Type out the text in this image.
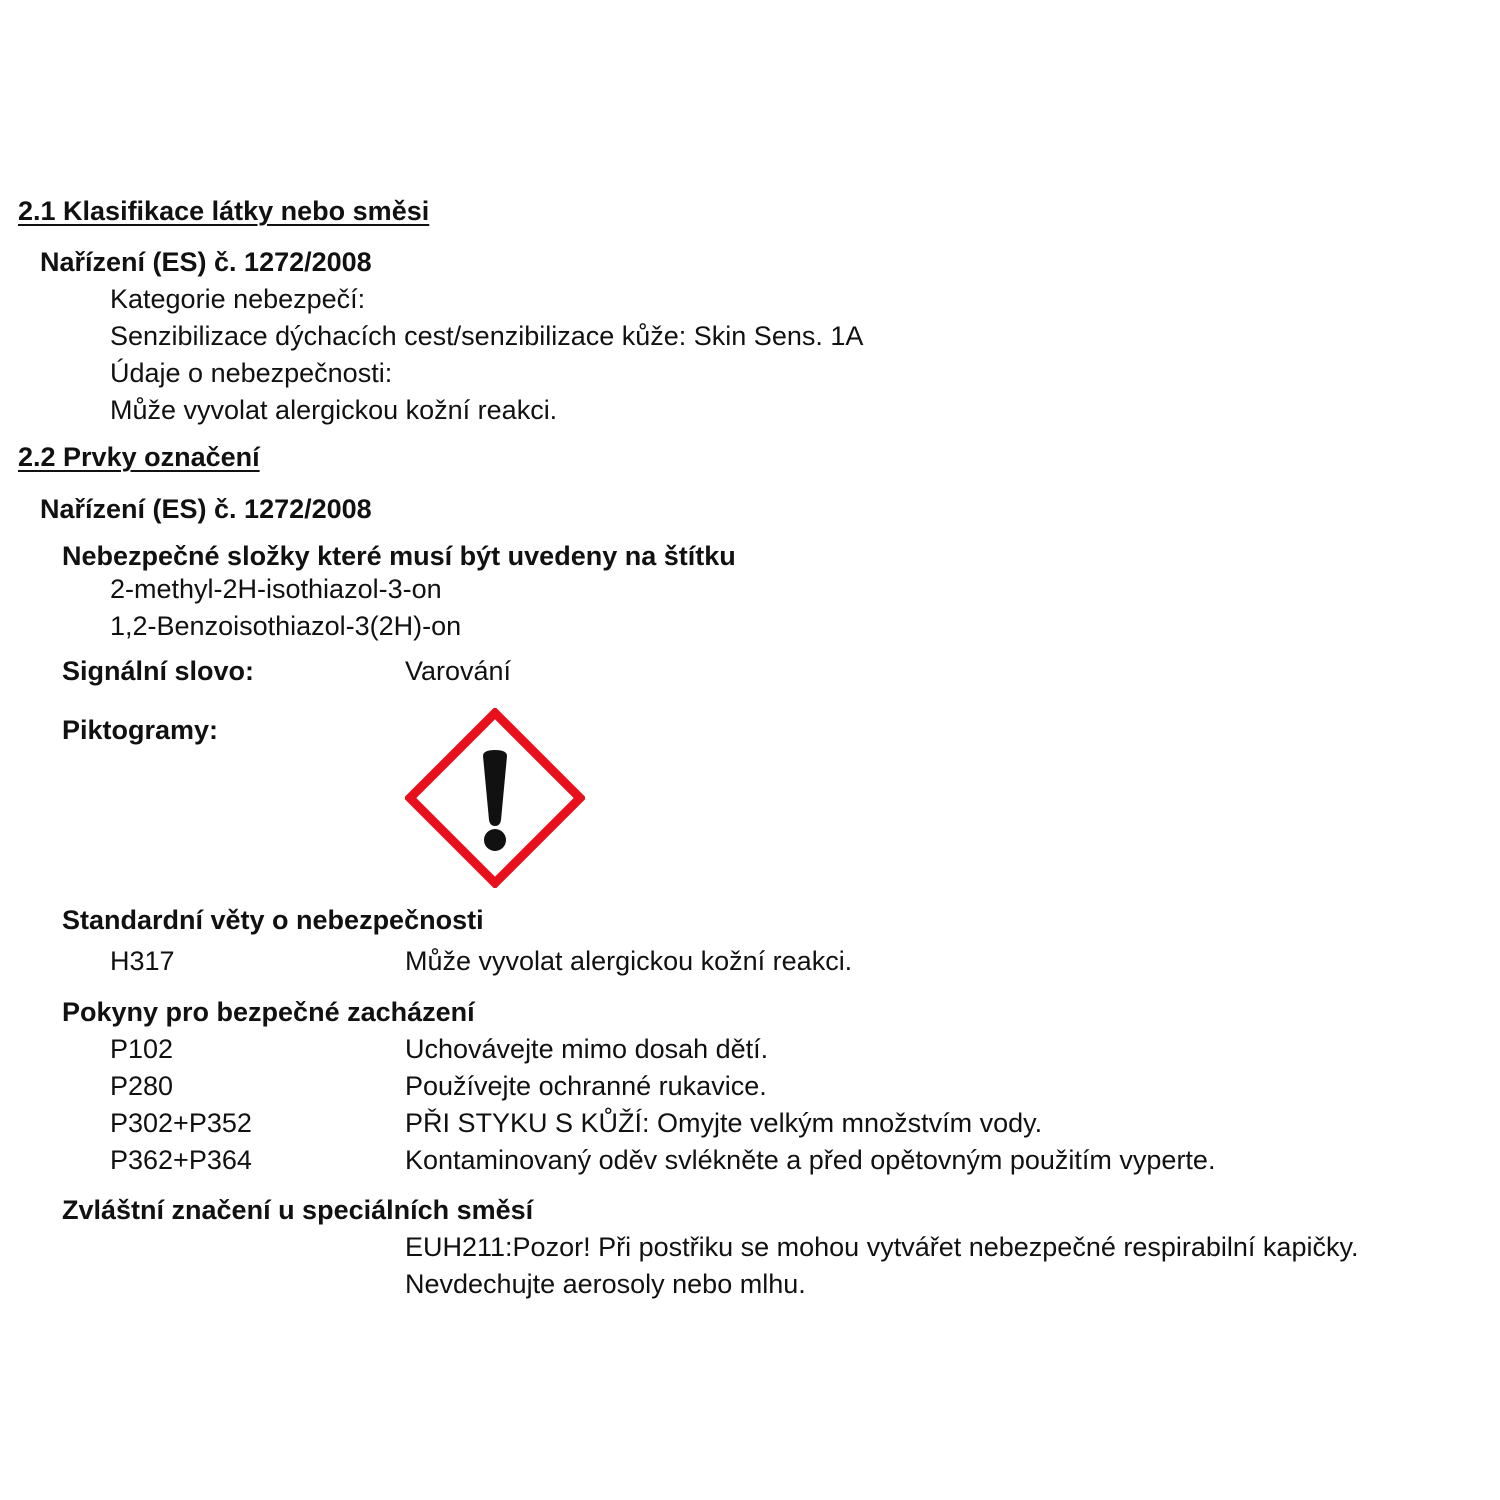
2.1 Klasifikace látky nebo směsi
Nařízení (ES) č. 1272/2008
Kategorie nebezpečí:
Senzibilizace dýchacích cest/senzibilizace kůže: Skin Sens. 1A
Údaje o nebezpečnosti:
Může vyvolat alergickou kožní reakci.
2.2 Prvky označení
Nařízení (ES) č. 1272/2008
Nebezpečné složky které musí být uvedeny na štítku
2-methyl-2H-isothiazol-3-on
1,2-Benzoisothiazol-3(2H)-on
Signální slovo:	Varování
Piktogramy:
Standardní věty o nebezpečnosti
H317	Může vyvolat alergickou kožní reakci.
Pokyny pro bezpečné zacházení
P102	Uchovávejte mimo dosah dětí.
P280	Používejte ochranné rukavice.
P302+P352	PŘI STYKU S KŮŽÍ: Omyjte velkým množstvím vody.
P362+P364	Kontaminovaný oděv svlékněte a před opětovným použitím vyperte.
Zvláštní značení u speciálních směsí
EUH211:Pozor! Při postřiku se mohou vytvářet nebezpečné respirabilní kapičky.
Nevdechujte aerosoly nebo mlhu.
